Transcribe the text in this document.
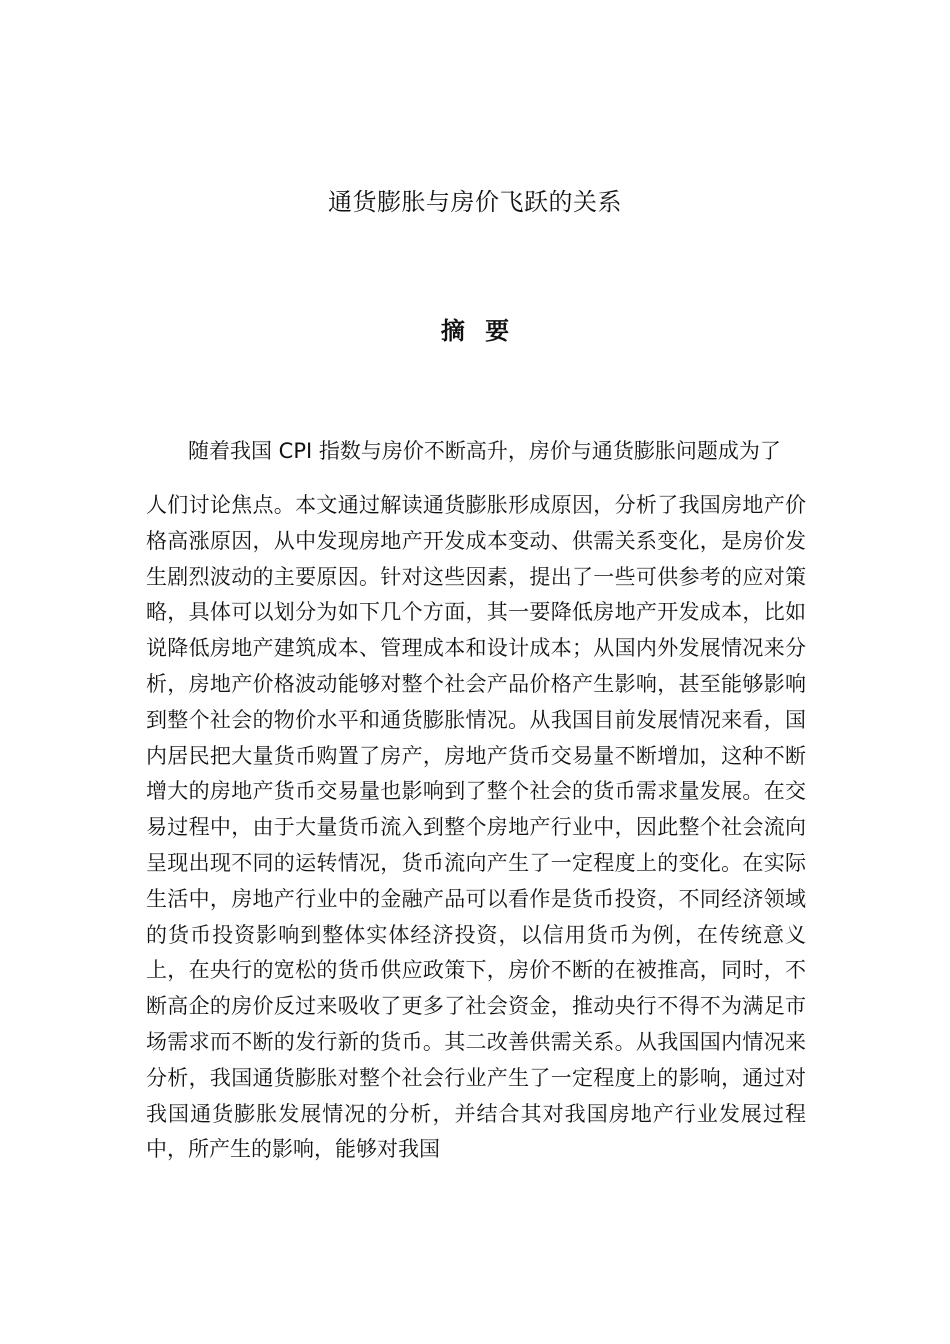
通货膨胀与房价飞跃的关系
摘 要

随着我国 CPI 指数与房价不断高升，房价与通货膨胀问题成为了

人们讨论焦点。本文通过解读通货膨胀形成原因，分析了我国房地产价格高涨原因，从中发现房地产开发成本变动、供需关系变化，是房价发生剧烈波动的主要原因。针对这些因素，提出了一些可供参考的应对策略，具体可以划分为如下几个方面，其一要降低房地产开发成本，比如说降低房地产建筑成本、管理成本和设计成本；从国内外发展情况来分析，房地产价格波动能够对整个社会产品价格产生影响，甚至能够影响到整个社会的物价水平和通货膨胀情况。从我国目前发展情况来看，国内居民把大量货币购置了房产，房地产货币交易量不断增加，这种不断增大的房地产货币交易量也影响到了整个社会的货币需求量发展。在交易过程中，由于大量货币流入到整个房地产行业中，因此整个社会流向呈现出现不同的运转情况，货币流向产生了一定程度上的变化。在实际生活中，房地产行业中的金融产品可以看作是货币投资，不同经济领域的货币投资影响到整体实体经济投资，以信用货币为例，在传统意义上，在央行的宽松的货币供应政策下，房价不断的在被推高，同时，不断高企的房价反过来吸收了更多了社会资金，推动央行不得不为满足市场需求而不断的发行新的货币。其二改善供需关系。从我国国内情况来分析，我国通货膨胀对整个社会行业产生了一定程度上的影响，通过对我国通货膨胀发展情况的分析，并结合其对我国房地产行业发展过程中，所产生的影响，能够对我国
